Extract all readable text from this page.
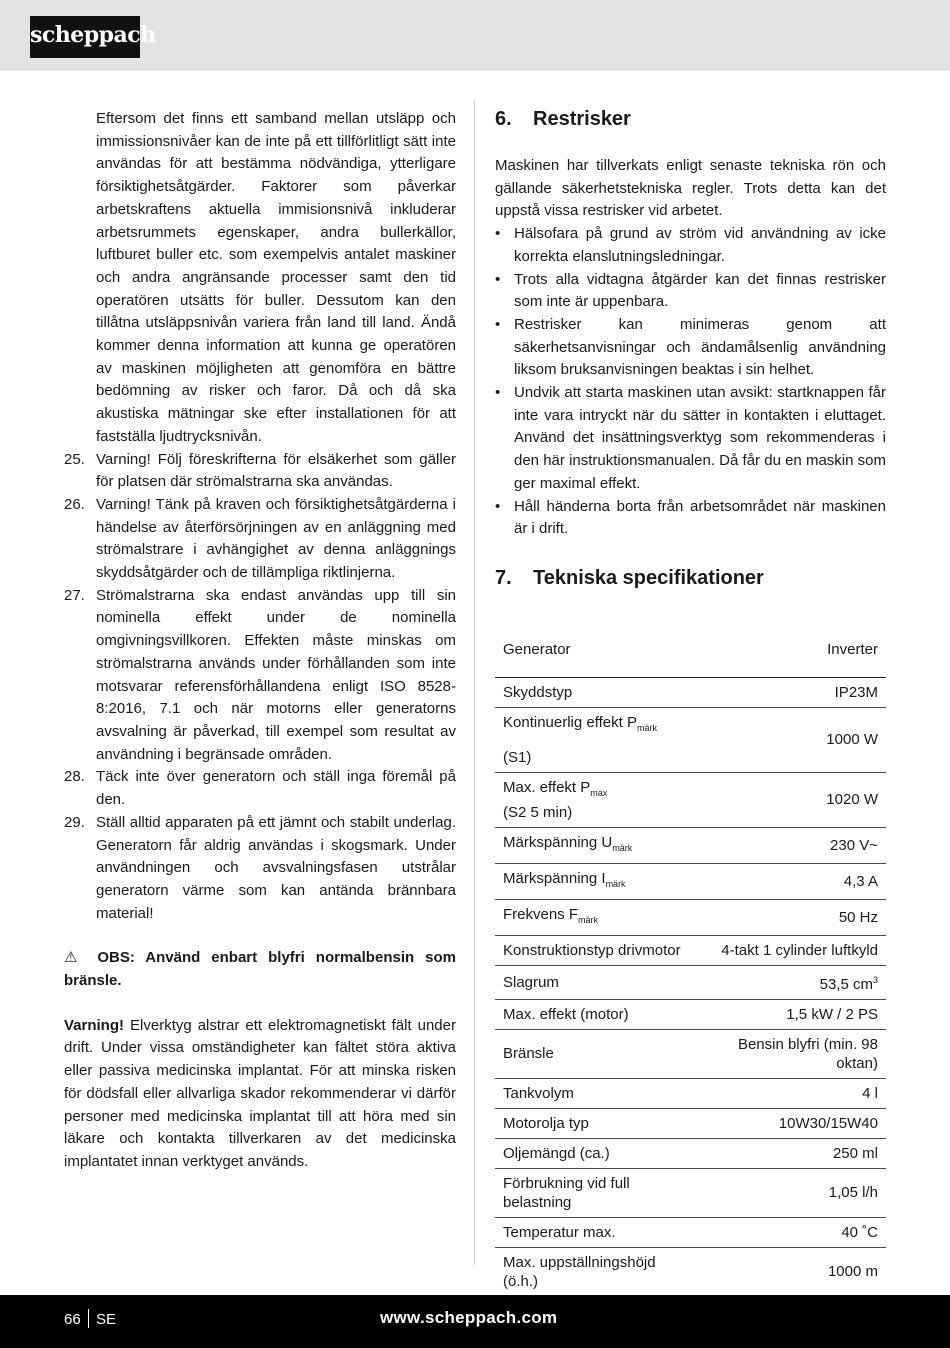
scheppach
Eftersom det finns ett samband mellan utsläpp och immissionsnivåer kan de inte på ett tillförlitligt sätt inte användas för att bestämma nödvändiga, ytterligare försiktighetsåtgärder. Faktorer som påverkar arbetskraftens aktuella immisionsnivå inkluderar arbetsrummets egenskaper, andra bullerkällor, luftburet buller etc. som exempelvis antalet maskiner och andra angränsande processer samt den tid operatören utsätts för buller. Dessutom kan den tillåtna utsläppsnivån variera från land till land. Ändå kommer denna information att kunna ge operatören av maskinen möjligheten att genomföra en bättre bedömning av risker och faror. Då och då ska akustiska mätningar ske efter installationen för att fastställa ljudtrycksnivån.
25. Varning! Följ föreskrifterna för elsäkerhet som gäller för platsen där strömalstrarna ska användas.
26. Varning! Tänk på kraven och försiktighetsåtgärderna i händelse av återförsörjningen av en anläggning med strömalstrare i avhängighet av denna anläggnings skyddsåtgärder och de tillämpliga riktlinjerna.
27. Strömalstrarna ska endast användas upp till sin nominella effekt under de nominella omgivningsvillkoren. Effekten måste minskas om strömalstrarna används under förhållanden som inte motsvarar referensförhållandena enligt ISO 8528-8:2016, 7.1 och när motorns eller generatorns avsvalning är påverkad, till exempel som resultat av användning i begränsade områden.
28. Täck inte över generatorn och ställ inga föremål på den.
29. Ställ alltid apparaten på ett jämnt och stabilt underlag. Generatorn får aldrig användas i skogsmark. Under användningen och avsvalningsfasen utstrålar generatorn värme som kan antända brännbara material!
⚠ OBS: Använd enbart blyfri normalbensin som bränsle.
Varning! Elverktyg alstrar ett elektromagnetiskt fält under drift. Under vissa omständigheter kan fältet störa aktiva eller passiva medicinska implantat. För att minska risken för dödsfall eller allvarliga skador rekommenderar vi därför personer med medicinska implantat till att höra med sin läkare och kontakta tillverkaren av det medicinska implantatet innan verktyget används.
6.	Restrisker
Maskinen har tillverkats enligt senaste tekniska rön och gällande säkerhetstekniska regler. Trots detta kan det uppstå vissa restrisker vid arbetet.
• Hälsofara på grund av ström vid användning av icke korrekta elanslutningsledningar.
• Trots alla vidtagna åtgärder kan det finnas restrisker som inte är uppenbara.
• Restrisker kan minimeras genom att säkerhetsanvisningar och ändamålsenlig användning liksom bruksanvisningen beaktas i sin helhet.
• Undvik att starta maskinen utan avsikt: startknappen får inte vara intryckt när du sätter in kontakten i eluttaget. Använd det insättningsverktyg som rekommenderas i den här instruktionsmanualen. Då får du en maskin som ger maximal effekt.
• Håll händerna borta från arbetsområdet när maskinen är i drift.
7.	Tekniska specifikationer
Generator	Inverter
Skyddstyp	IP23M
Kontinuerlig effekt $P_{märk}$
(S1)	1000 W
Max. effekt $P_{max}$
(S2 5 min)	1020 W
Märkspänning $U_{märk}$	230 V~
Märkspänning $I_{märk}$	4,3 A
Frekvens $F_{märk}$	50 Hz
Konstruktionstyp drivmotor	4-takt 1 cylinder luftkyld
Slagrum	53,5 $cm^3$
Max. effekt (motor)	1,5 kW / 2 PS
Bränsle	Bensin blyfri (min. 98 oktan)
Tankvolym	4 l
Motorolja typ	10W30/15W40
Oljemängd (ca.)	250 ml
Förbrukning vid full belastning	1,05 l/h
Temperatur max.	40 ˚C
Max. uppställningshöjd (ö.h.)	1000 m
66 SE	www.scheppach.com
